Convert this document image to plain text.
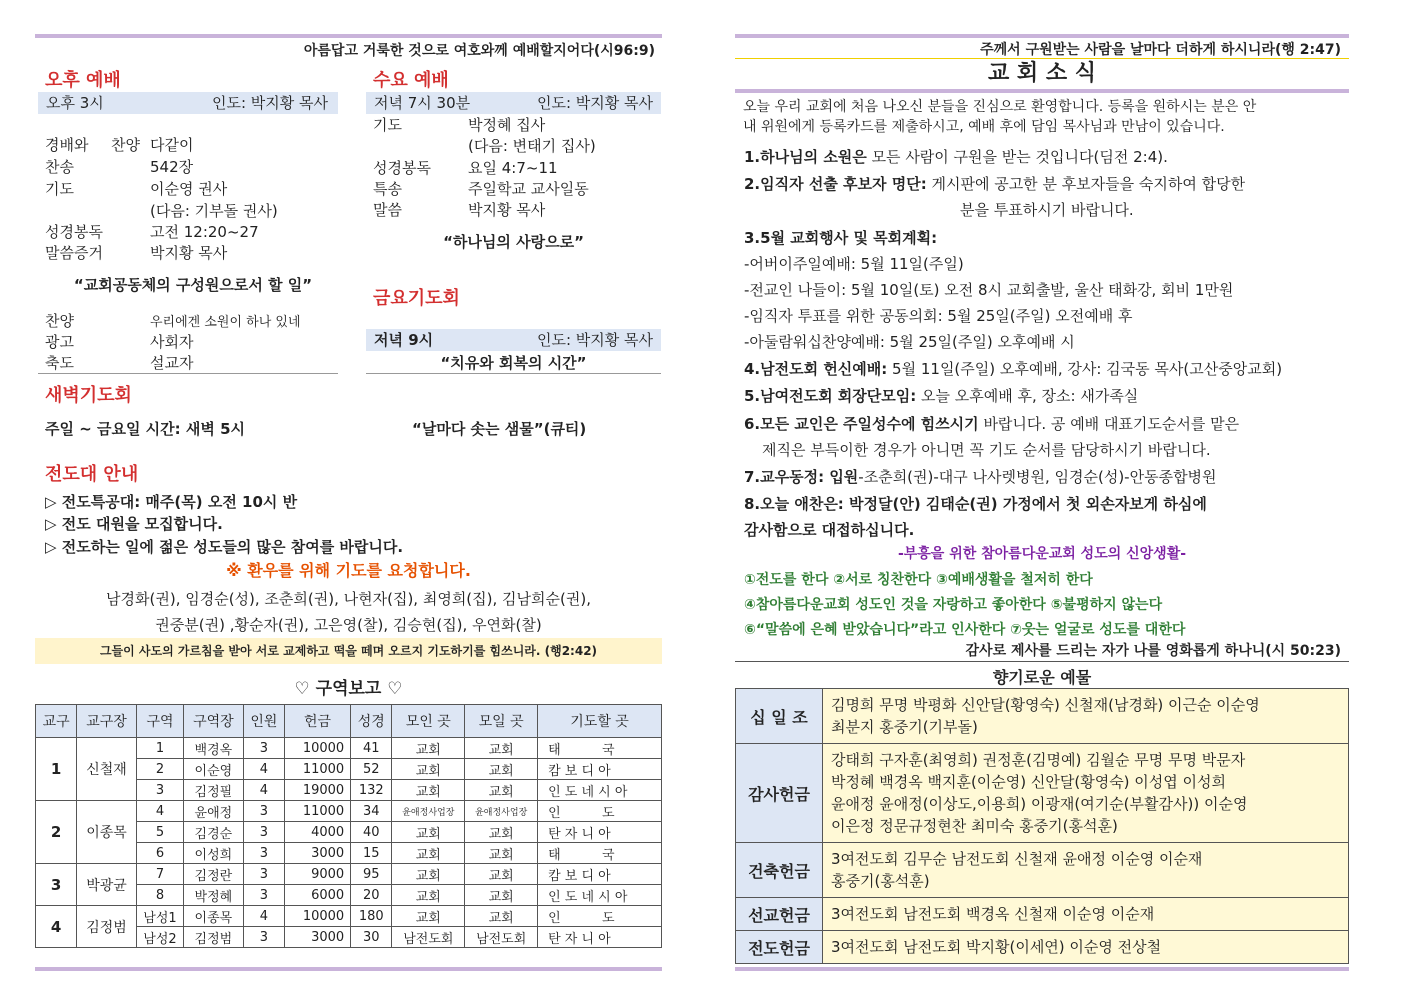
아름답고 거룩한 것으로 여호와께 예배할지어다(시96:9)
오후 예배
오후 3시	인도: 박지황 목사
경배와 찬양 다같이
찬송	542장
기도	이순영 권사
(다음: 기부돌 권사)
성경봉독	고전 12:20~27
말씀증거	박지황 목사
“교회공동체의 구성원으로서 할 일”
찬양	우리에겐 소원이 하나 있네
광고	사회자
축도	설교자
수요 예배
저녁 7시 30분	인도: 박지황 목사
기도	박정혜 집사
(다음: 변태기 집사)
성경봉독 요일 4:7~11
특송	주일학교 교사일동
말씀	박지황 목사
“하나님의 사랑으로”
금요기도회
저녁 9시	인도: 박지황 목사
“치유와 회복의 시간”
새벽기도회
주일 ~ 금요일 시간: 새벽 5시	“날마다 솟는 샘물”(큐티)
전도대 안내
▷ 전도특공대: 매주(목) 오전 10시 반
▷ 전도 대원을 모집합니다.
▷ 전도하는 일에 젊은 성도들의 많은 참여를 바랍니다.
※ 환우를 위해 기도를 요청합니다.
남경화(권), 임경순(성), 조춘희(권), 나현자(집), 최영희(집), 김남희순(권),
권중분(권) ,황순자(권), 고은영(찰), 김승현(집), 우연화(찰)
그들이 사도의 가르침을 받아 서로 교제하고 떡을 떼며 오르지 기도하기를 힘쓰니라. (행2:42)
♡ 구역보고 ♡
교구	교구장	구역	구역장	인원	헌금	성경	모인 곳	모일 곳	기도할 곳
1	신철재	1	백경옥	3	10000	41	교회	교회	태          국
		2	이순영	4	11000	52	교회	교회	캄 보 디 아
		3	김정필	4	19000	132	교회	교회	인 도 네 시 아
2	이종목	4	윤애정	3	11000	34	윤애정사업장	윤애정사업장	인          도
		5	김경순	3	4000	40	교회	교회	탄 자 니 아
		6	이성희	3	3000	15	교회	교회	태          국
3	박광균	7	김정란	3	9000	95	교회	교회	캄 보 디 아
		8	박정혜	3	6000	20	교회	교회	인 도 네 시 아
4	김정범	남성1	이종목	4	10000	180	교회	교회	인          도
		남성2	김정범	3	3000	30	남전도회	남전도회	탄 자 니 아
주께서 구원받는 사람을 날마다 더하게 하시니라(행 2:47)
교 회 소 식
오늘 우리 교회에 처음 나오신 분들을 진심으로 환영합니다. 등록을 원하시는 분은 안
내 위원에게 등록카드를 제출하시고, 예배 후에 담임 목사님과 만남이 있습니다.
1.하나님의 소원은 모든 사람이 구원을 받는 것입니다(딤전 2:4).
2.임직자 선출 후보자 명단: 게시판에 공고한 분 후보자들을 숙지하여 합당한
분을 투표하시기 바랍니다.
3.5월 교회행사 및 목회계획:
-어버이주일예배: 5월 11일(주일)
-전교인 나들이: 5월 10일(토) 오전 8시 교회출발, 울산 태화강, 회비 1만원
-임직자 투표를 위한 공동의회: 5월 25일(주일) 오전예배 후
-아둘람워십찬양예배: 5월 25일(주일) 오후예배 시
4.남전도회 헌신예배: 5월 11일(주일) 오후예배, 강사: 김국동 목사(고산중앙교회)
5.남여전도회 회장단모임: 오늘 오후예배 후, 장소: 새가족실
6.모든 교인은 주일성수에 힘쓰시기 바랍니다. 공 예배 대표기도순서를 맡은
제직은 부득이한 경우가 아니면 꼭 기도 순서를 담당하시기 바랍니다.
7.교우동정: 입원-조춘희(권)-대구 나사렛병원, 임경순(성)-안동종합병원
8.오늘 애찬은: 박정달(안) 김태순(권) 가정에서 첫 외손자보게 하심에
감사함으로 대접하십니다.
-부흥을 위한 참아름다운교회 성도의 신앙생활-
①전도를 한다 ②서로 칭찬한다 ③예배생활을 철저히 한다
④참아름다운교회 성도인 것을 자랑하고 좋아한다 ⑤불평하지 않는다
⑥“말씀에 은혜 받았습니다”라고 인사한다 ⑦웃는 얼굴로 성도를 대한다
감사로 제사를 드리는 자가 나를 영화롭게 하나니(시 50:23)
향기로운 예물
십 일 조	김명희 무명 박평화 신안달(황영숙) 신철재(남경화) 이근순 이순영
최분지 홍중기(기부돌)

감사헌금	강태희 구자훈(최영희) 권정훈(김명예) 김월순 무명 무명 박문자
박정혜 백경옥 백지훈(이순영) 신안달(황영숙) 이성엽 이성희
윤애정 윤애정(이상도,이용희) 이광재(여기순(부활감사)) 이순영
이은정 정문규정현찬 최미숙 홍중기(홍석훈)

건축헌금	3여전도회 김무순 남전도회 신철재 윤애정 이순영 이순재
홍중기(홍석훈)

선교헌금	3여전도회 남전도회 백경옥 신철재 이순영 이순재

전도헌금	3여전도회 남전도회 박지황(이세연) 이순영 전상철
